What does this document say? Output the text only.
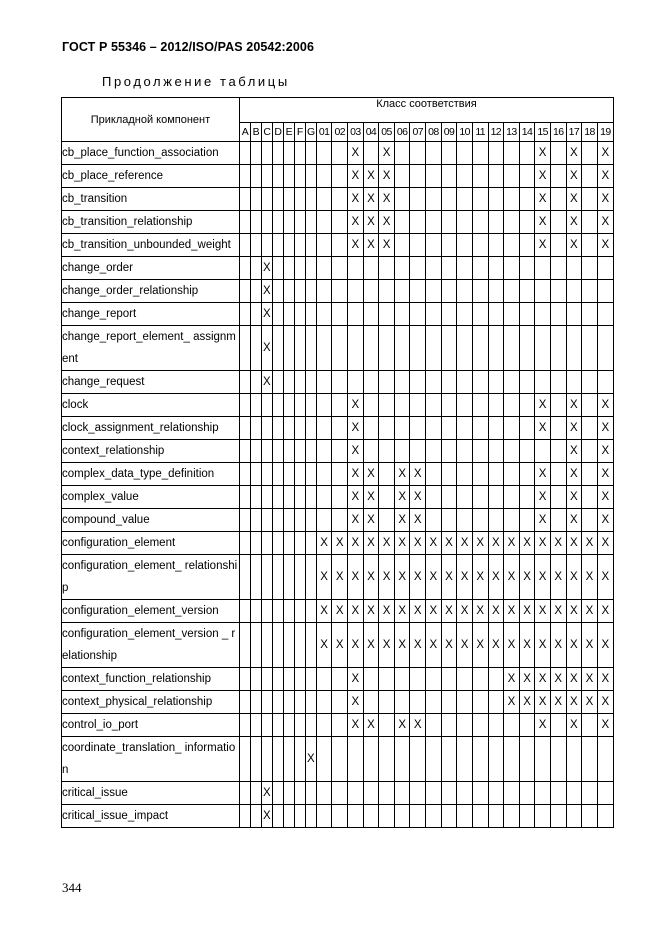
ГОСТ Р 55346 – 2012/ISO/PAS 20542:2006
Продолжение таблицы
Прикладной компонент	Класс соответствия																									
	A	B	C	D	E	F	G	01	02	03	04	05	06	07	08	09	10	11	12	13	14	15	16	17	18	19
cb_place_function_association										X		X										X		X		X
cb_place_reference										X	X	X										X		X		X
cb_transition										X	X	X										X		X		X
cb_transition_relationship										X	X	X										X		X		X
cb_transition_unbounded_weight										X	X	X										X		X		X
change_order			X																							
change_order_relationship			X																							
change_report			X																							
change_report_element_ assignment			X																							
change_request			X																							
clock										X												X		X		X
clock_assignment_relationship										X												X		X		X
context_relationship										X														X		X
complex_data_type_definition										X	X		X	X								X		X		X
complex_value										X	X		X	X								X		X		X
compound_value										X	X		X	X								X		X		X
configuration_element								X	X	X	X	X	X	X	X	X	X	X	X	X	X	X	X	X	X	X
configuration_element_ relationship								X	X	X	X	X	X	X	X	X	X	X	X	X	X	X	X	X	X	X
configuration_element_version								X	X	X	X	X	X	X	X	X	X	X	X	X	X	X	X	X	X	X
configuration_element_version _ relationship								X	X	X	X	X	X	X	X	X	X	X	X	X	X	X	X	X	X	X
context_function_relationship										X										X	X	X	X	X	X	X
context_physical_relationship										X										X	X	X	X	X	X	X
control_io_port										X	X		X	X								X		X		X
coordinate_translation_ information							X																			
critical_issue			X																							
critical_issue_impact			X																							
344
